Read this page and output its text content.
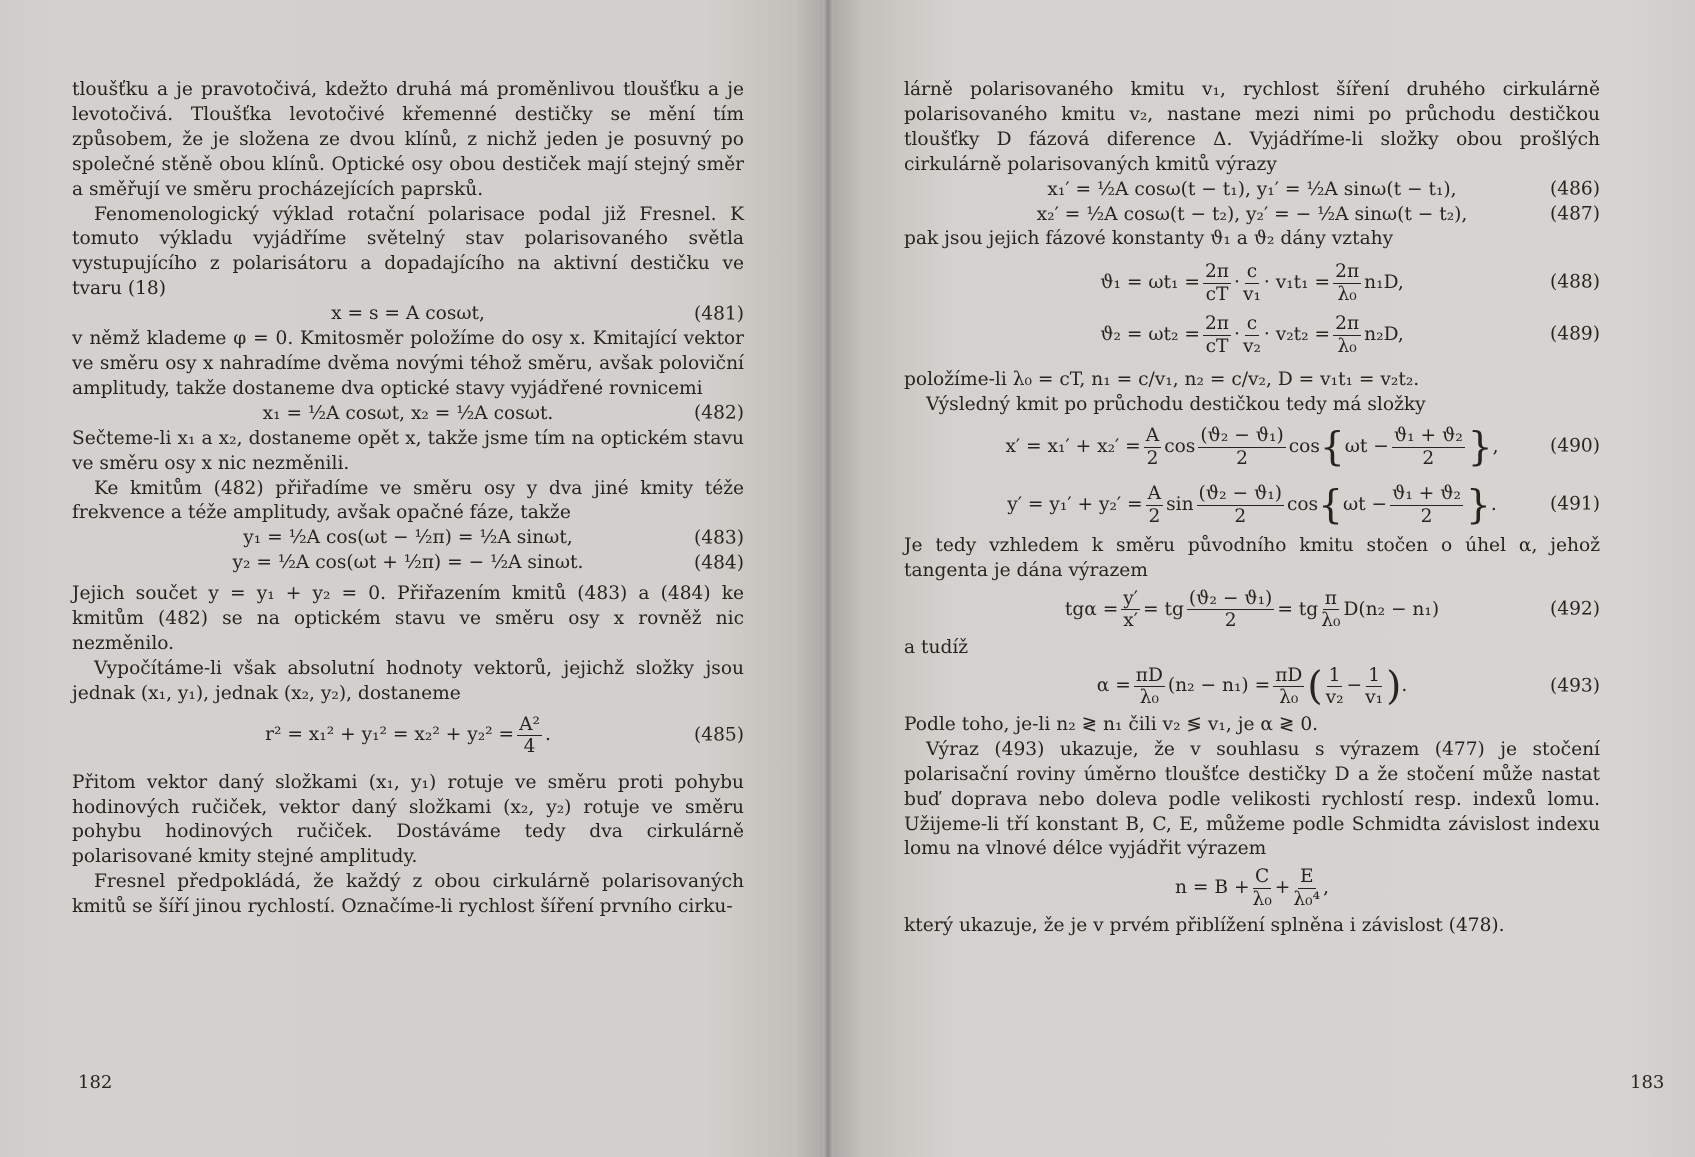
tloušťku a je pravotočivá, kdežto druhá má proměnlivou tloušťku a je levotočivá. Tloušťka levotočivé křemenné destičky se mění tím způsobem, že je složena ze dvou klínů, z nichž jeden je posuvný po společné stěně obou klínů. Optické osy obou destiček mají stejný směr a směřují ve směru procházejících paprsků.

Fenomenologický výklad rotační polarisace podal již Fresnel. K tomuto výkladu vyjádříme světelný stav polarisovaného světla vystupujícího z polarisátoru a dopadajícího na aktivní destičku ve tvaru (18)

x = s = A cosωt,	(481)

v němž klademe φ = 0. Kmitosměr položíme do osy x. Kmitající vektor ve směru osy x nahradíme dvěma novými téhož směru, avšak poloviční amplitudy, takže dostaneme dva optické stavy vyjádřené rovnicemi

x₁ = ½A cosωt, x₂ = ½A cosωt.	(482)

Sečteme-li x₁ a x₂, dostaneme opět x, takže jsme tím na optickém stavu ve směru osy x nic nezměnili.

Ke kmitům (482) přiřadíme ve směru osy y dva jiné kmity téže frekvence a téže amplitudy, avšak opačné fáze, takže

y₁ = ½A cos(ωt − ½π) = ½A sinωt,	(483)
y₂ = ½A cos(ωt + ½π) = − ½A sinωt.	(484)

Jejich součet y = y₁ + y₂ = 0. Přiřazením kmitů (483) a (484) ke kmitům (482) se na optickém stavu ve směru osy x rovněž nic nezměnilo.

Vypočítáme-li však absolutní hodnoty vektorů, jejichž složky jsou jednak (x₁, y₁), jednak (x₂, y₂), dostaneme

$r^2 = x_1^2 + y_1^2 = x_2^2 + y_2^2 = \frac{\text{A²}}{4}$ .	(485)

Přitom vektor daný složkami (x₁, y₁) rotuje ve směru proti pohybu hodinových ručiček, vektor daný složkami (x₂, y₂) rotuje ve směru pohybu hodinových ručiček. Dostáváme tedy dva cirkulárně polarisované kmity stejné amplitudy.

Fresnel předpokládá, že každý z obou cirkulárně polarisovaných kmitů se šíří jinou rychlostí. Označíme-li rychlost šíření prvního cirku-

182

lárně polarisovaného kmitu v₁, rychlost šíření druhého cirkulárně polarisovaného kmitu v₂, nastane mezi nimi po průchodu destičkou tloušťky D fázová diference Δ. Vyjádříme-li složky obou prošlých cirkulárně polarisovaných kmitů výrazy

x₁′ = ½A cosω(t − t₁), y₁′ = ½A sinω(t − t₁),	(486)
x₂′ = ½A cosω(t − t₂), y₂′ = − ½A sinω(t − t₂),	(487)

pak jsou jejich fázové konstanty ϑ₁ a ϑ₂ dány vztahy

$ϑ_1 = \omega t_1 = \frac{2\pi}{cT} \cdot \frac{c}{\text{v₁}} \cdot v_1t_1 = \frac{2\pi}{\text{λ₀}} n_1D$,	(488)
$ϑ_2 = \omega t_2 = \frac{2\pi}{cT} \cdot \frac{c}{\text{v₂}} \cdot v_2t_2 = \frac{2\pi}{\text{λ₀}} n_2D$,	(489)

položíme-li λ₀ = cT, n₁ = c/v₁, n₂ = c/v₂, D = v₁t₁ = v₂t₂.

Výsledný kmit po průchodu destičkou tedy má složky

$x' = x_1' + x_2' = \frac{A}{2}$ $\cos \frac{\text{(ϑ₂ − ϑ₁)}}{2}$ cos { $\omega t - \frac{\text{ϑ₁ + ϑ₂}}{2}$ } ,	(490)
$y' = y_1' + y_2' = \frac{A}{2}$ $\sin \frac{\text{(ϑ₂ − ϑ₁)}}{2}$ cos { $\omega t - \frac{\text{ϑ₁ + ϑ₂}}{2}$ } .	(491)

Je tedy vzhledem k směru původního kmitu stočen o úhel α, jehož tangenta je dána výrazem

$tg\alpha = \frac{y'}{x'}$ = tg $\frac{\text{(ϑ₂ − ϑ₁)}}{2}$ = tg $\frac{\pi}{\text{λ₀}} D(n_2 - n_1)$	(492)

a tudíž

$\alpha = \frac{\pi D}{\text{λ₀}} (n_2 - n_1) = \frac{\pi D}{\text{λ₀}}$ ( $\frac{1}{\text{v₂}} - \frac{1}{\text{v₁}}$ ) .	(493)

Podle toho, je-li n₂ ≷ n₁ čili v₂ ≶ v₁, je α ≷ 0.

Výraz (493) ukazuje, že v souhlasu s výrazem (477) je stočení polarisační roviny úměrno tloušťce destičky D a že stočení může nastat buď doprava nebo doleva podle velikosti rychlostí resp. indexů lomu. Užijeme-li tří konstant B, C, E, můžeme podle Schmidta závislost indexu lomu na vlnové délce vyjádřit výrazem

$n = B + \frac{C}{\text{λ₀}} + \frac{E}{\text{λ₀⁴}}$ ,

který ukazuje, že je v prvém přiblížení splněna i závislost (478).

183
